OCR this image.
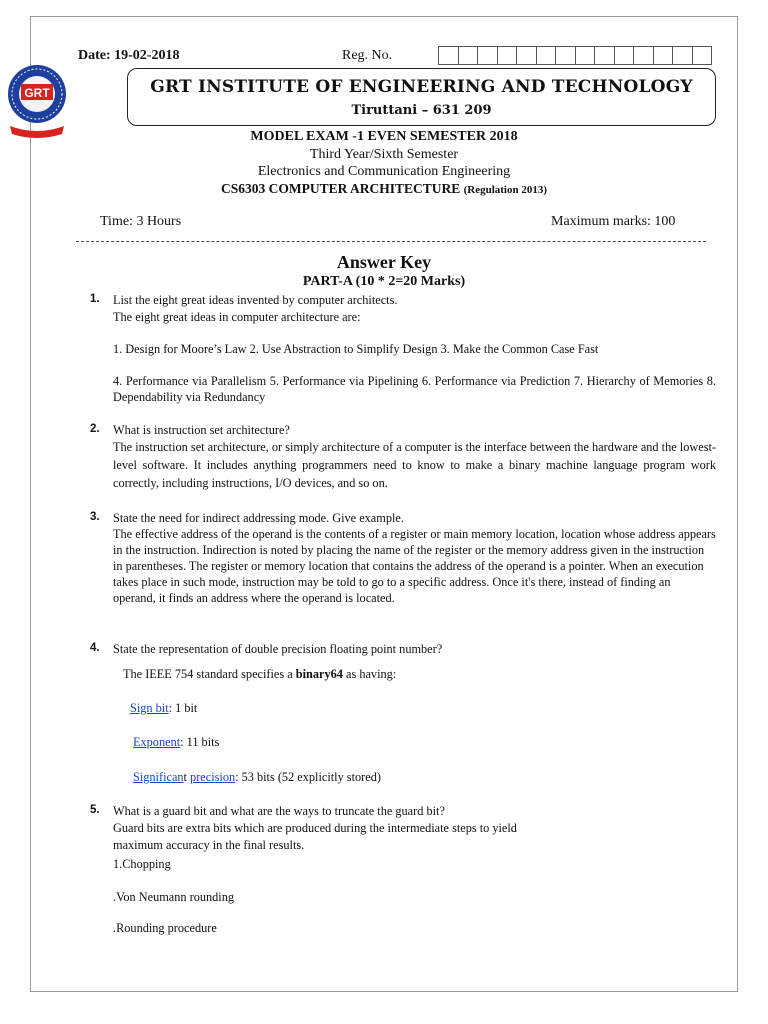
GRT
Date: 19-02-2018	Reg. No.
GRT INSTITUTE OF ENGINEERING AND TECHNOLOGY
Tiruttani – 631 209
MODEL EXAM -1 EVEN SEMESTER 2018
Third Year/Sixth Semester
Electronics and Communication Engineering
CS6303 COMPUTER ARCHITECTURE (Regulation 2013)
Time: 3 Hours	Maximum marks: 100
Answer Key
PART-A (10 * 2=20 Marks)
1. List the eight great ideas invented by computer architects.
The eight great ideas in computer architecture are:
1. Design for Moore’s Law 2. Use Abstraction to Simplify Design 3. Make the Common Case Fast
4. Performance via Parallelism 5. Performance via Pipelining 6. Performance via Prediction 7. Hierarchy of Memories 8. Dependability via Redundancy
2. What is instruction set architecture?
The instruction set architecture, or simply architecture of a computer is the interface between the hardware and the lowest-level software. It includes anything programmers need to know to make a binary machine language program work correctly, including instructions, I/O devices, and so on.
3. State the need for indirect addressing mode. Give example.
The effective address of the operand is the contents of a register or main memory location, location whose address appears in the instruction. Indirection is noted by placing the name of the register or the memory address given in the instruction in parentheses. The register or memory location that contains the address of the operand is a pointer. When an execution takes place in such mode, instruction may be told to go to a specific address. Once it's there, instead of finding an operand, it finds an address where the operand is located.
4. State the representation of double precision floating point number?
The IEEE 754 standard specifies a binary64 as having:
Sign bit: 1 bit
Exponent: 11 bits
Significant precision: 53 bits (52 explicitly stored)
5. What is a guard bit and what are the ways to truncate the guard bit?
Guard bits are extra bits which are produced during the intermediate steps to yield
maximum accuracy in the final results.
1.Chopping
.Von Neumann rounding
.Rounding procedure
